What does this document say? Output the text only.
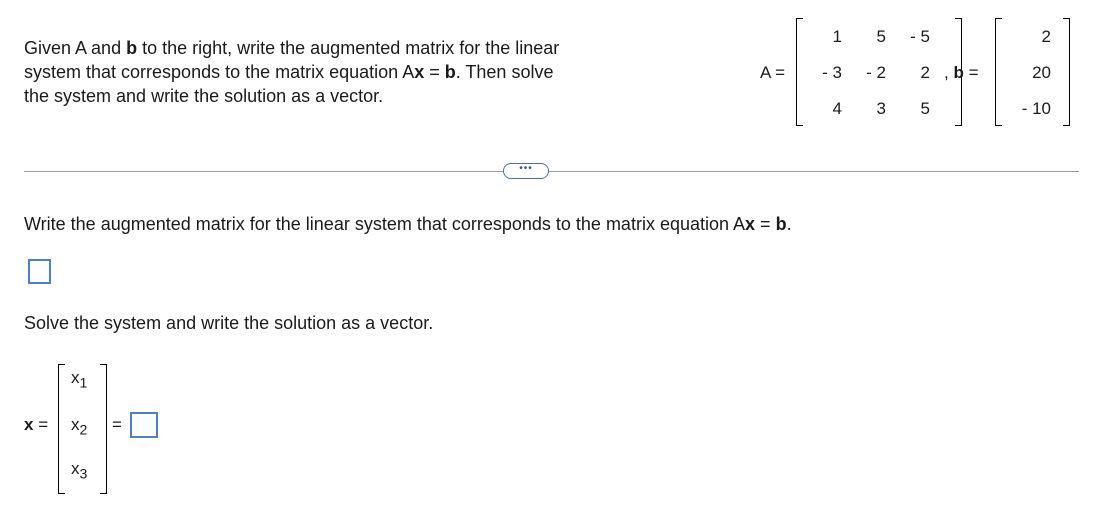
Given A and b to the right, write the augmented matrix for the linear
system that corresponds to the matrix equation Ax = b. Then solve
the system and write the solution as a vector.
A =
1	5	- 5
- 3	- 2	2
4	3	5
, b =
2
20
- 10
•••
Write the augmented matrix for the linear system that corresponds to the matrix equation Ax = b.
Solve the system and write the solution as a vector.
x =
$x_1$
$x_2$
$x_3$
=
